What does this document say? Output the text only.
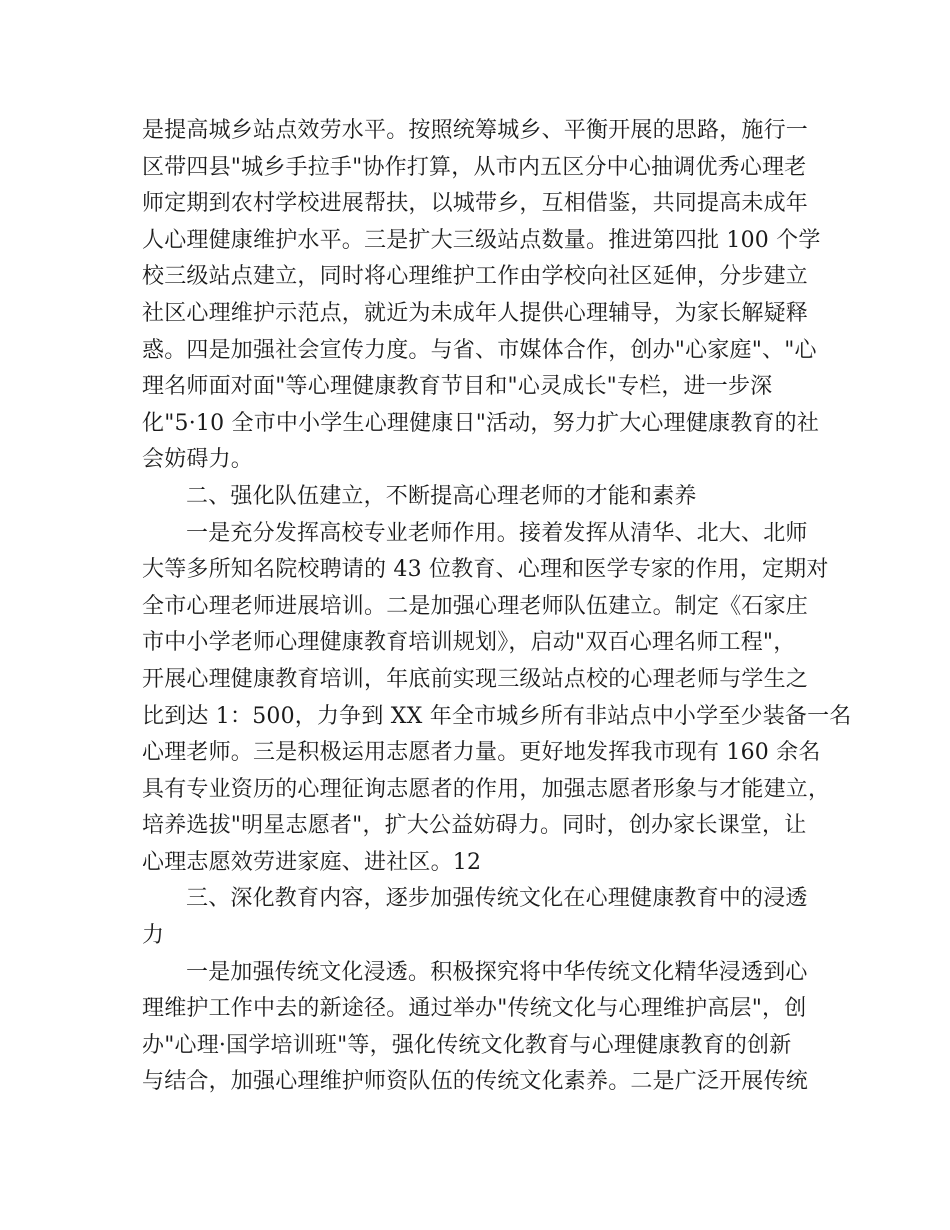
是提高城乡站点效劳水平。按照统筹城乡、平衡开展的思路，施行一
区带四县"城乡手拉手"协作打算，从市内五区分中心抽调优秀心理老
师定期到农村学校进展帮扶，以城带乡，互相借鉴，共同提高未成年
人心理健康维护水平。三是扩大三级站点数量。推进第四批 100 个学
校三级站点建立，同时将心理维护工作由学校向社区延伸，分步建立
社区心理维护示范点，就近为未成年人提供心理辅导，为家长解疑释
惑。四是加强社会宣传力度。与省、市媒体合作，创办"心家庭"、"心
理名师面对面"等心理健康教育节目和"心灵成长"专栏，进一步深
化"5·10 全市中小学生心理健康日"活动，努力扩大心理健康教育的社
会妨碍力。
二、强化队伍建立，不断提高心理老师的才能和素养
一是充分发挥高校专业老师作用。接着发挥从清华、北大、北师
大等多所知名院校聘请的 43 位教育、心理和医学专家的作用，定期对
全市心理老师进展培训。二是加强心理老师队伍建立。制定《石家庄
市中小学老师心理健康教育培训规划》，启动"双百心理名师工程"，
开展心理健康教育培训，年底前实现三级站点校的心理老师与学生之
比到达 1：500，力争到 XX 年全市城乡所有非站点中小学至少装备一名
心理老师。三是积极运用志愿者力量。更好地发挥我市现有 160 余名
具有专业资历的心理征询志愿者的作用，加强志愿者形象与才能建立，
培养选拔"明星志愿者"，扩大公益妨碍力。同时，创办家长课堂，让
心理志愿效劳进家庭、进社区。12
三、深化教育内容，逐步加强传统文化在心理健康教育中的浸透
力
一是加强传统文化浸透。积极探究将中华传统文化精华浸透到心
理维护工作中去的新途径。通过举办"传统文化与心理维护高层"，创
办"心理·国学培训班"等，强化传统文化教育与心理健康教育的创新
与结合，加强心理维护师资队伍的传统文化素养。二是广泛开展传统
